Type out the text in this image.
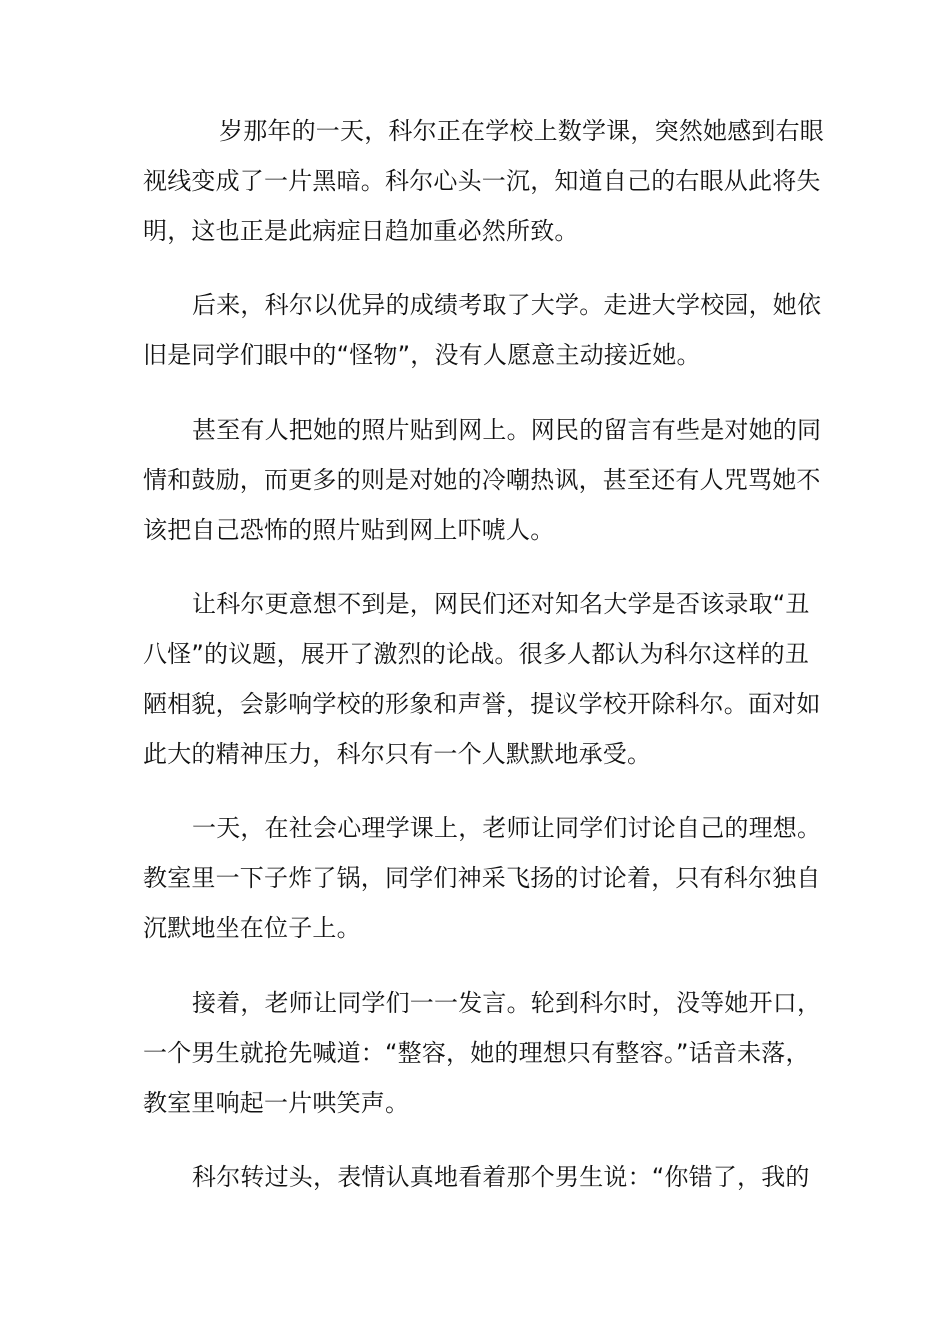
岁那年的一天，科尔正在学校上数学课，突然她感到右眼
视线变成了一片黑暗。科尔心头一沉，知道自己的右眼从此将失
明，这也正是此病症日趋加重必然所致。
后来，科尔以优异的成绩考取了大学。走进大学校园，她依
旧是同学们眼中的“怪物”，没有人愿意主动接近她。
甚至有人把她的照片贴到网上。网民的留言有些是对她的同
情和鼓励，而更多的则是对她的冷嘲热讽，甚至还有人咒骂她不
该把自己恐怖的照片贴到网上吓唬人。
让科尔更意想不到是，网民们还对知名大学是否该录取“丑
八怪”的议题，展开了激烈的论战。很多人都认为科尔这样的丑
陋相貌，会影响学校的形象和声誉，提议学校开除科尔。面对如
此大的精神压力，科尔只有一个人默默地承受。
一天，在社会心理学课上，老师让同学们讨论自己的理想。
教室里一下子炸了锅，同学们神采飞扬的讨论着，只有科尔独自
沉默地坐在位子上。
接着，老师让同学们一一发言。轮到科尔时，没等她开口，
一个男生就抢先喊道：“整容，她的理想只有整容。”话音未落，
教室里响起一片哄笑声。
科尔转过头，表情认真地看着那个男生说：“你错了，我的
